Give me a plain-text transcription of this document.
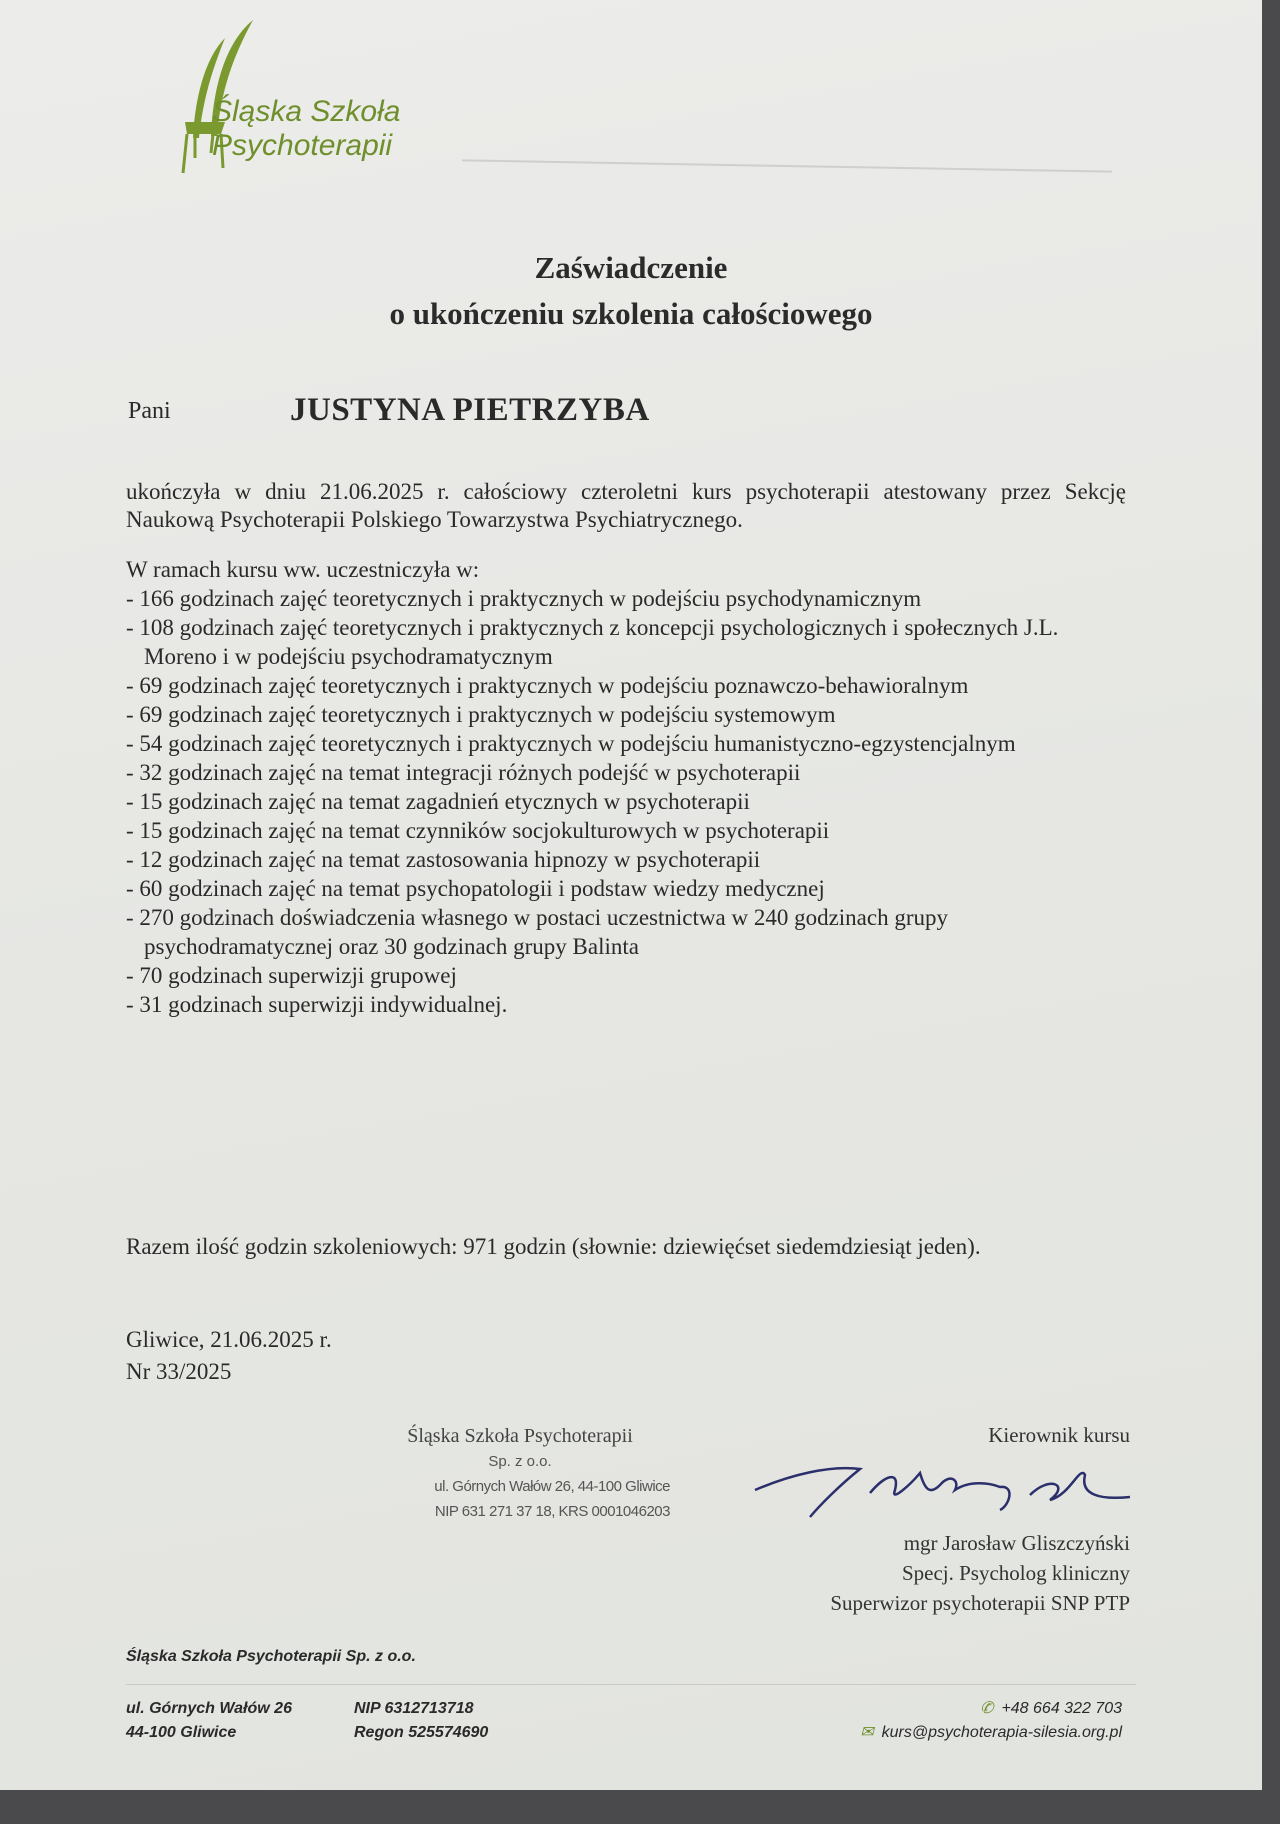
Śląska Szkoła
Psychoterapii
Zaświadczenie
o ukończeniu szkolenia całościowego
Pani	JUSTYNA PIETRZYBA

ukończyła w dniu 21.06.2025 r. całościowy czteroletni kurs psychoterapii atestowany przez Sekcję Naukową Psychoterapii Polskiego Towarzystwa Psychiatrycznego.

W ramach kursu ww. uczestniczyła w:

- 166 godzinach zajęć teoretycznych i praktycznych w podejściu psychodynamicznym
- 108 godzinach zajęć teoretycznych i praktycznych z koncepcji psychologicznych i społecznych J.L. Moreno i w podejściu psychodramatycznym
- 69 godzinach zajęć teoretycznych i praktycznych w podejściu poznawczo-behawioralnym
- 69 godzinach zajęć teoretycznych i praktycznych w podejściu systemowym
- 54 godzinach zajęć teoretycznych i praktycznych w podejściu humanistyczno-egzystencjalnym
- 32 godzinach zajęć na temat integracji różnych podejść w psychoterapii
- 15 godzinach zajęć na temat zagadnień etycznych w psychoterapii
- 15 godzinach zajęć na temat czynników socjokulturowych w psychoterapii
- 12 godzinach zajęć na temat zastosowania hipnozy w psychoterapii
- 60 godzinach zajęć na temat psychopatologii i podstaw wiedzy medycznej
- 270 godzinach doświadczenia własnego w postaci uczestnictwa w 240 godzinach grupy psychodramatycznej oraz 30 godzinach grupy Balinta
- 70 godzinach superwizji grupowej
- 31 godzinach superwizji indywidualnej.
Razem ilość godzin szkoleniowych: 971 godzin (słownie: dziewięćset siedemdziesiąt jeden).
Gliwice, 21.06.2025 r.
Nr 33/2025
Śląska Szkoła Psychoterapii
Sp. z o.o.
ul. Górnych Wałów 26, 44-100 Gliwice
NIP 631 271 37 18, KRS 0001046203
Kierownik kursu
mgr Jarosław Gliszczyński
Specj. Psycholog kliniczny
Superwizor psychoterapii SNP PTP
Śląska Szkoła Psychoterapii Sp. z o.o.
ul. Górnych Wałów 26
44-100 Gliwice
NIP 6312713718
Regon 525574690
✆ +48 664 322 703
✉ kurs@psychoterapia-silesia.org.pl
